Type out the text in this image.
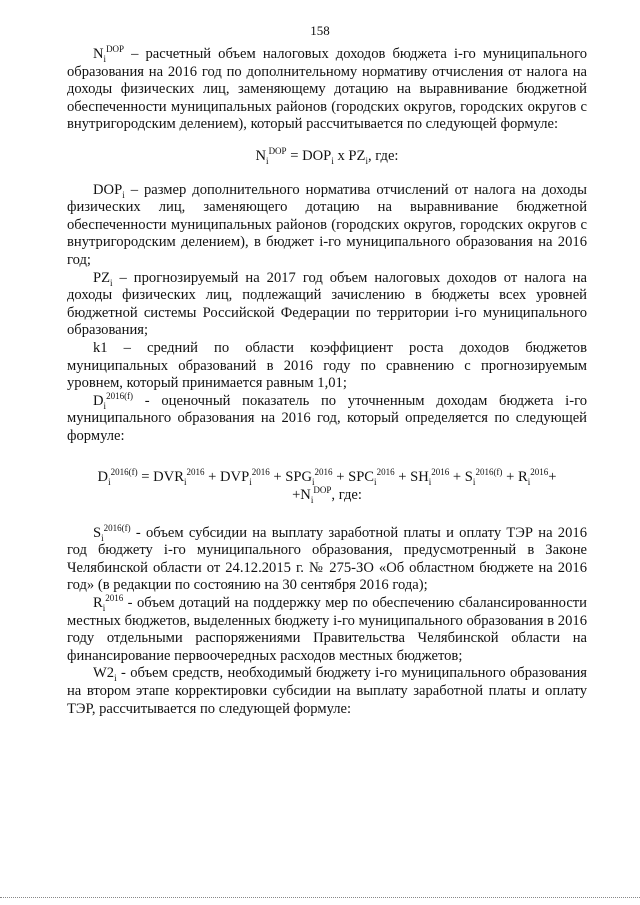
158

$N_i^{DOP}$ – расчетный объем налоговых доходов бюджета i-го муниципального образования на 2016 год по дополнительному нормативу отчисления от налога на доходы физических лиц, заменяющему дотацию на выравнивание бюджетной обеспеченности муниципальных районов (городских округов, городских округов с внутригородским делением), который рассчитывается по следующей формуле:

$N_i^{DOP} = DOP_i$ x $PZ_i$, где:

$DOP_i$ – размер дополнительного норматива отчислений от налога на доходы физических лиц, заменяющего дотацию на выравнивание бюджетной обеспеченности муниципальных районов (городских округов, городских округов с внутригородским делением), в бюджет i-го муниципального образования на 2016 год;

$PZ_i$ – прогнозируемый на 2017 год объем налоговых доходов от налога на доходы физических лиц, подлежащий зачислению в бюджеты всех уровней бюджетной системы Российской Федерации по территории i-го муниципального образования;

k1 – средний по области коэффициент роста доходов бюджетов муниципальных образований в 2016 году по сравнению с прогнозируемым уровнем, который принимается равным 1,01;

$D_i^{2016(f)}$ - оценочный показатель по уточненным доходам бюджета i-го муниципального образования на 2016 год, который определяется по следующей формуле:

$D_i^{2016(f)} = DVR_i^{2016} + DVP_i^{2016} + SPG_i^{2016} + SPC_i^{2016} + SH_i^{2016} + S_i^{2016(f)} + R_i^{2016}+$
$+N_i^{DOP}$, где:

$S_i^{2016(f)}$ - объем субсидии на выплату заработной платы и оплату ТЭР на 2016 год бюджету i-го муниципального образования, предусмотренный в Законе Челябинской области от 24.12.2015 г. № 275-ЗО «Об областном бюджете на 2016 год» (в редакции по состоянию на 30 сентября 2016 года);

$R_i^{2016}$ - объем дотаций на поддержку мер по обеспечению сбалансированности местных бюджетов, выделенных бюджету i-го муниципального образования в 2016 году отдельными распоряжениями Правительства Челябинской области на финансирование первоочередных расходов местных бюджетов;

$W2_i$ - объем средств, необходимый бюджету i-го муниципального образования на втором этапе корректировки субсидии на выплату заработной платы и оплату ТЭР, рассчитывается по следующей формуле:
